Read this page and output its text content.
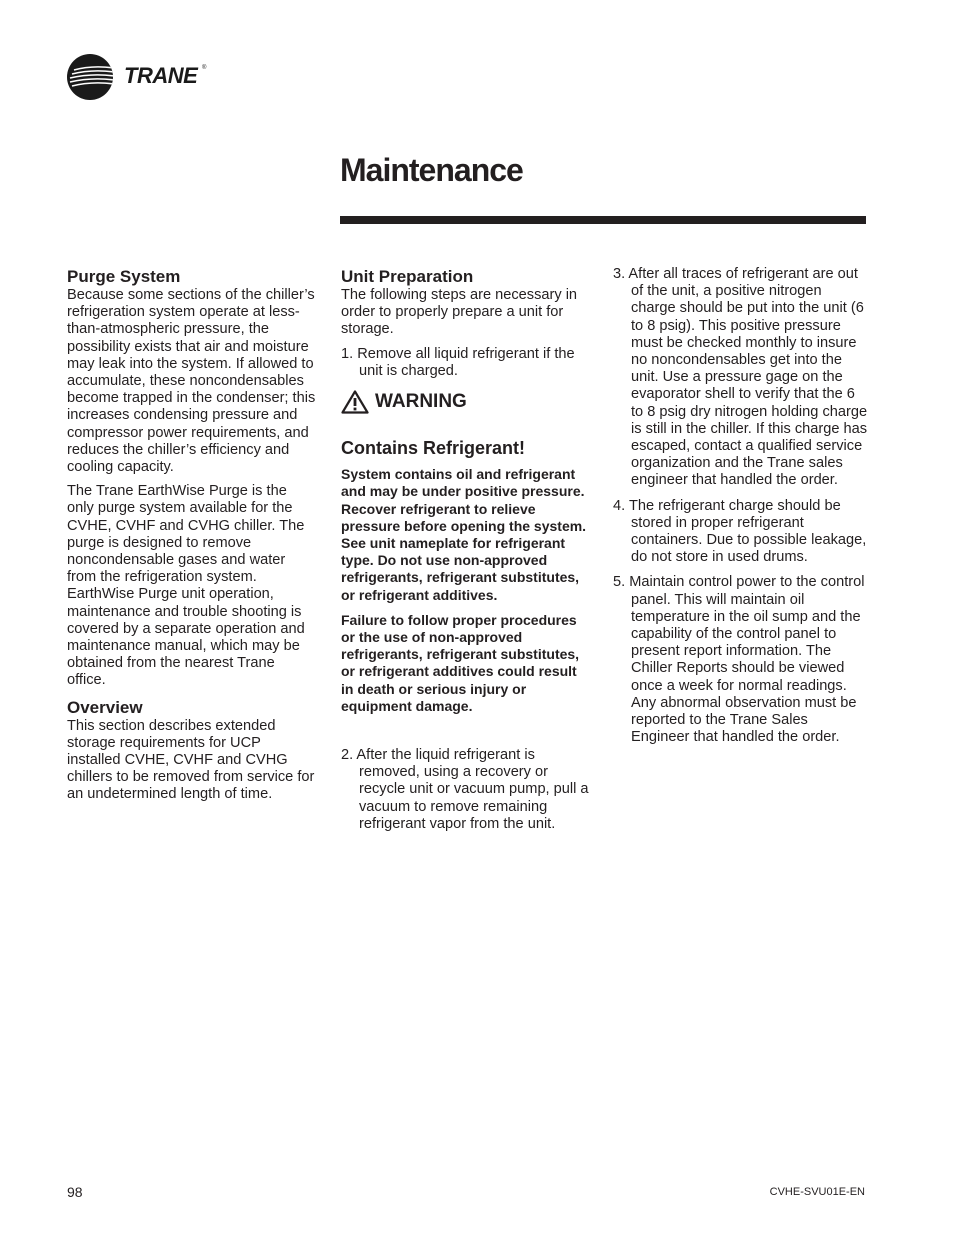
TRANE ®
Maintenance
Purge System

Because some sections of the chiller’s refrigeration system operate at less-than-atmospheric pressure, the possibility exists that air and moisture may leak into the system. If allowed to accumulate, these noncondensables become trapped in the condenser; this increases condensing pressure and compressor power requirements, and reduces the chiller’s efficiency and cooling capacity.

The Trane EarthWise Purge is the only purge system available for the CVHE, CVHF and CVHG chiller. The purge is designed to remove noncondensable gases and water from the refrigeration system. EarthWise Purge unit operation, maintenance and trouble shooting is covered by a separate operation and maintenance manual, which may be obtained from the nearest Trane office.

Overview

This section describes extended storage requirements for UCP installed CVHE, CVHF and CVHG chillers to be removed from service for an undetermined length of time.

Unit Preparation

The following steps are necessary in order to properly prepare a unit for storage.

1. Remove all liquid refrigerant if the unit is charged.

WARNING
Contains Refrigerant!

System contains oil and refrigerant and may be under positive pressure. Recover refrigerant to relieve pressure before opening the system. See unit nameplate for refrigerant type. Do not use non-approved refrigerants, refrigerant substitutes, or refrigerant additives.

Failure to follow proper procedures or the use of non-approved refrigerants, refrigerant substitutes, or refrigerant additives could result in death or serious injury or equipment damage.

2. After the liquid refrigerant is removed, using a recovery or recycle unit or vacuum pump, pull a vacuum to remove remaining refrigerant vapor from the unit.

3. After all traces of refrigerant are out of the unit, a positive nitrogen charge should be put into the unit (6 to 8 psig). This positive pressure must be checked monthly to insure no noncondensables get into the unit. Use a pressure gage on the evaporator shell to verify that the 6 to 8 psig dry nitrogen holding charge is still in the chiller. If this charge has escaped, contact a qualified service organization and the Trane sales engineer that handled the order.

4. The refrigerant charge should be stored in proper refrigerant containers. Due to possible leakage, do not store in used drums.

5. Maintain control power to the control panel. This will maintain oil temperature in the oil sump and the capability of the control panel to present report information. The Chiller Reports should be viewed once a week for normal readings. Any abnormal observation must be reported to the Trane Sales Engineer that handled the order.

98	CVHE-SVU01E-EN
